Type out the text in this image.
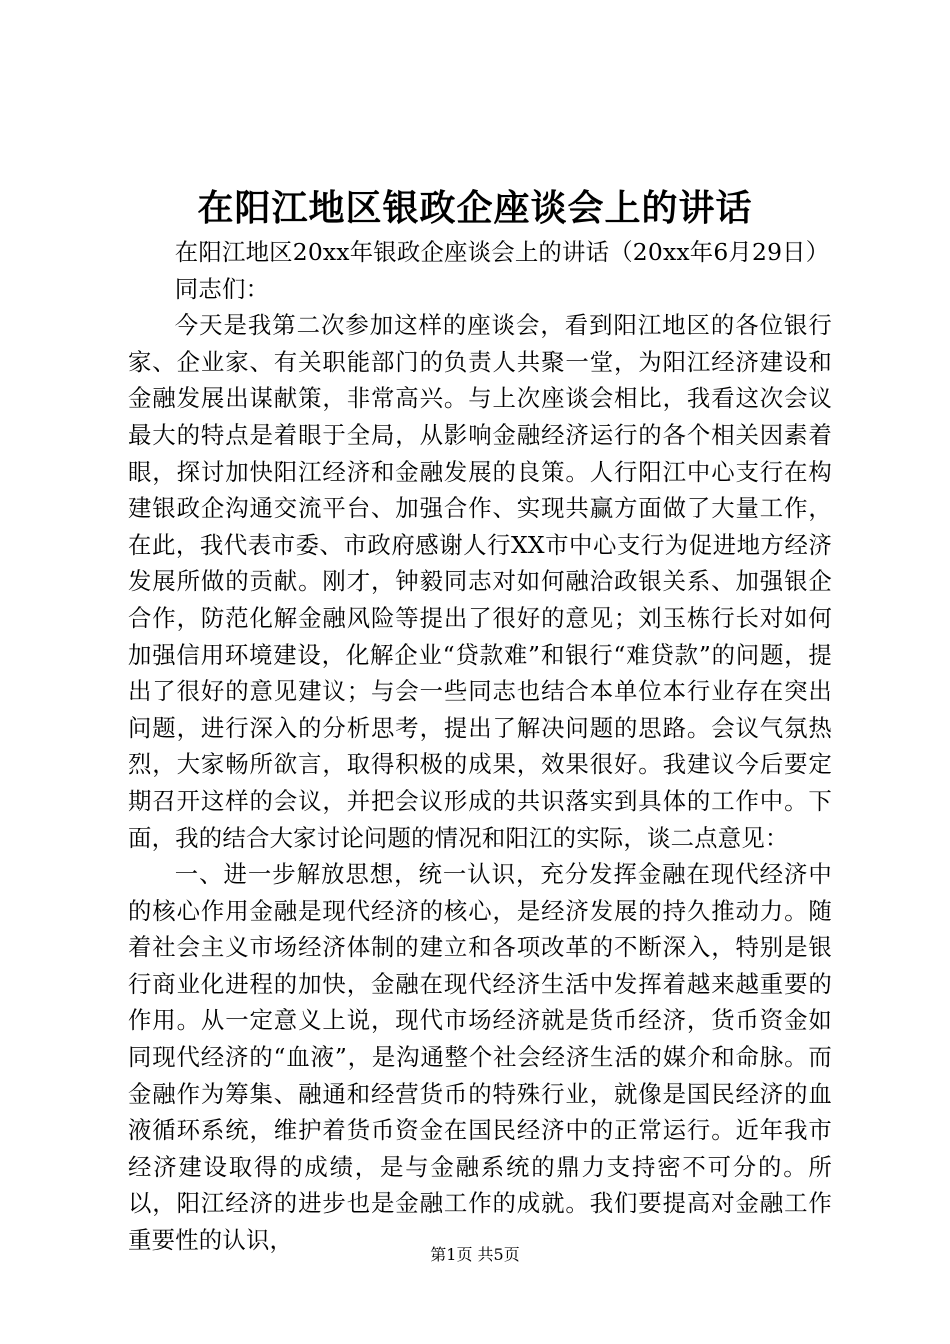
在阳江地区银政企座谈会上的讲话

在阳江地区20xx年银政企座谈会上的讲话（20xx年6月29日）

同志们：

今天是我第二次参加这样的座谈会，看到阳江地区的各位银行家、企业家、有关职能部门的负责人共聚一堂，为阳江经济建设和金融发展出谋献策，非常高兴。与上次座谈会相比，我看这次会议最大的特点是着眼于全局，从影响金融经济运行的各个相关因素着眼，探讨加快阳江经济和金融发展的良策。人行阳江中心支行在构建银政企沟通交流平台、加强合作、实现共赢方面做了大量工作，在此，我代表市委、市政府感谢人行XX市中心支行为促进地方经济发展所做的贡献。刚才，钟毅同志对如何融洽政银关系、加强银企合作，防范化解金融风险等提出了很好的意见；刘玉栋行长对如何加强信用环境建设，化解企业“贷款难”和银行“难贷款”的问题，提出了很好的意见建议；与会一些同志也结合本单位本行业存在突出问题，进行深入的分析思考，提出了解决问题的思路。会议气氛热烈，大家畅所欲言，取得积极的成果，效果很好。我建议今后要定期召开这样的会议，并把会议形成的共识落实到具体的工作中。下面，我的结合大家讨论问题的情况和阳江的实际，谈二点意见：

一、进一步解放思想，统一认识，充分发挥金融在现代经济中的核心作用金融是现代经济的核心，是经济发展的持久推动力。随着社会主义市场经济体制的建立和各项改革的不断深入，特别是银行商业化进程的加快，金融在现代经济生活中发挥着越来越重要的作用。从一定意义上说，现代市场经济就是货币经济，货币资金如同现代经济的“血液”，是沟通整个社会经济生活的媒介和命脉。而金融作为筹集、融通和经营货币的特殊行业，就像是国民经济的血液循环系统，维护着货币资金在国民经济中的正常运行。近年我市经济建设取得的成绩，是与金融系统的鼎力支持密不可分的。所以，阳江经济的进步也是金融工作的成就。我们要提高对金融工作重要性的认识，

第1页 共5页
